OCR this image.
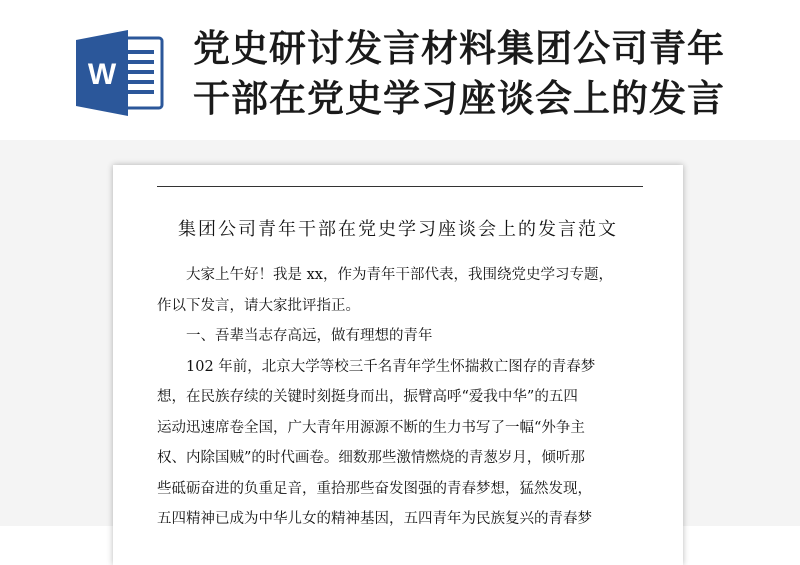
W
党史研讨发言材料集团公司青年
干部在党史学习座谈会上的发言
集团公司青年干部在党史学习座谈会上的发言范文
大家上午好！我是 xx，作为青年干部代表，我围绕党史学习专题，
作以下发言，请大家批评指正。
一、吾辈当志存高远，做有理想的青年
102 年前，北京大学等校三千名青年学生怀揣救亡图存的青春梦
想，在民族存续的关键时刻挺身而出，振臂高呼“爱我中华”的五四
运动迅速席卷全国，广大青年用源源不断的生力书写了一幅“外争主
权、内除国贼”的时代画卷。细数那些激情燃烧的青葱岁月，倾听那
些砥砺奋进的负重足音，重拾那些奋发图强的青春梦想，猛然发现，
五四精神已成为中华儿女的精神基因，五四青年为民族复兴的青春梦
